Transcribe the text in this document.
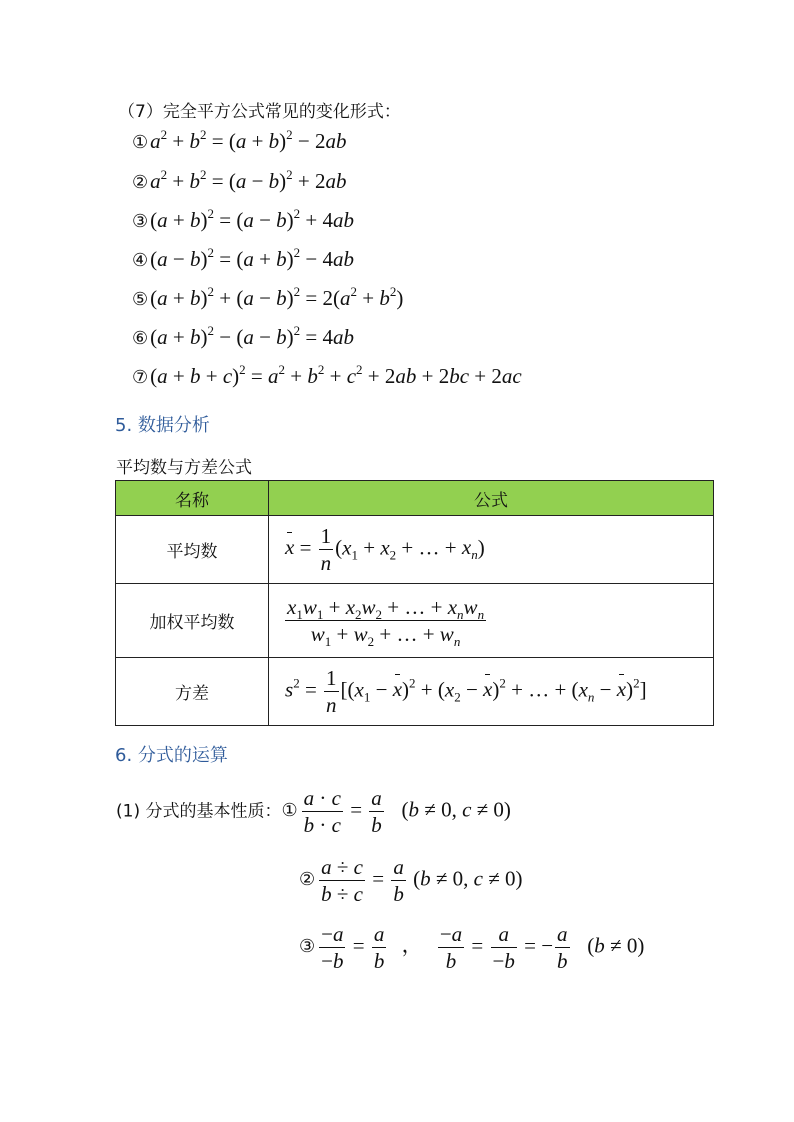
（7）完全平方公式常见的变化形式：
$①a^2 + b^2 = (a + b)^2 - 2ab$
$②a^2 + b^2 = (a - b)^2 + 2ab$
③(a + $b)^2 = (a - b)^2 + 4ab$
④(a − $b)^2 = (a + b)^2 - 4ab$
⑤(a + $b)^2 + (a - b)^2 = 2(a^2 + b^2)$
⑥(a + $b)^2 - (a - b)^2 = 4ab$
⑦(a + $b + c)^2 = a^2 + b^2 + c^2 + 2ab + 2bc + 2ac$
5. 数据分析
平均数与方差公式
名称	公式
平均数	$x = \frac{1}{n} (x_1 + x_2$ + … + $x_n$)
加权平均数	$\frac{x_1w_1 + x_2w_2 + \dots + x_nw_n}{w_1 + w_2 + \dots + w_n}$

方差	$s^2 = \frac{1}{n} [(x_1 - x)^2 + (x_2 - x)^2$ + … + $(x_n - x)^2$]
6. 分式的运算
(1) 分式的基本性质：① $\frac{a \cdot c}{b \cdot c} = \frac{a}{b} (b \ne 0$, c ≠ 0)
② $\frac{a \div c}{b \div c} = \frac{a}{b} (b \ne 0$, c ≠ 0)
③ $\frac{-a}{-b} = \frac{a}{b}$ ， $\frac{-a}{b} = \frac{a}{-b}$ = − $\frac{a}{b} (b \ne 0)$
